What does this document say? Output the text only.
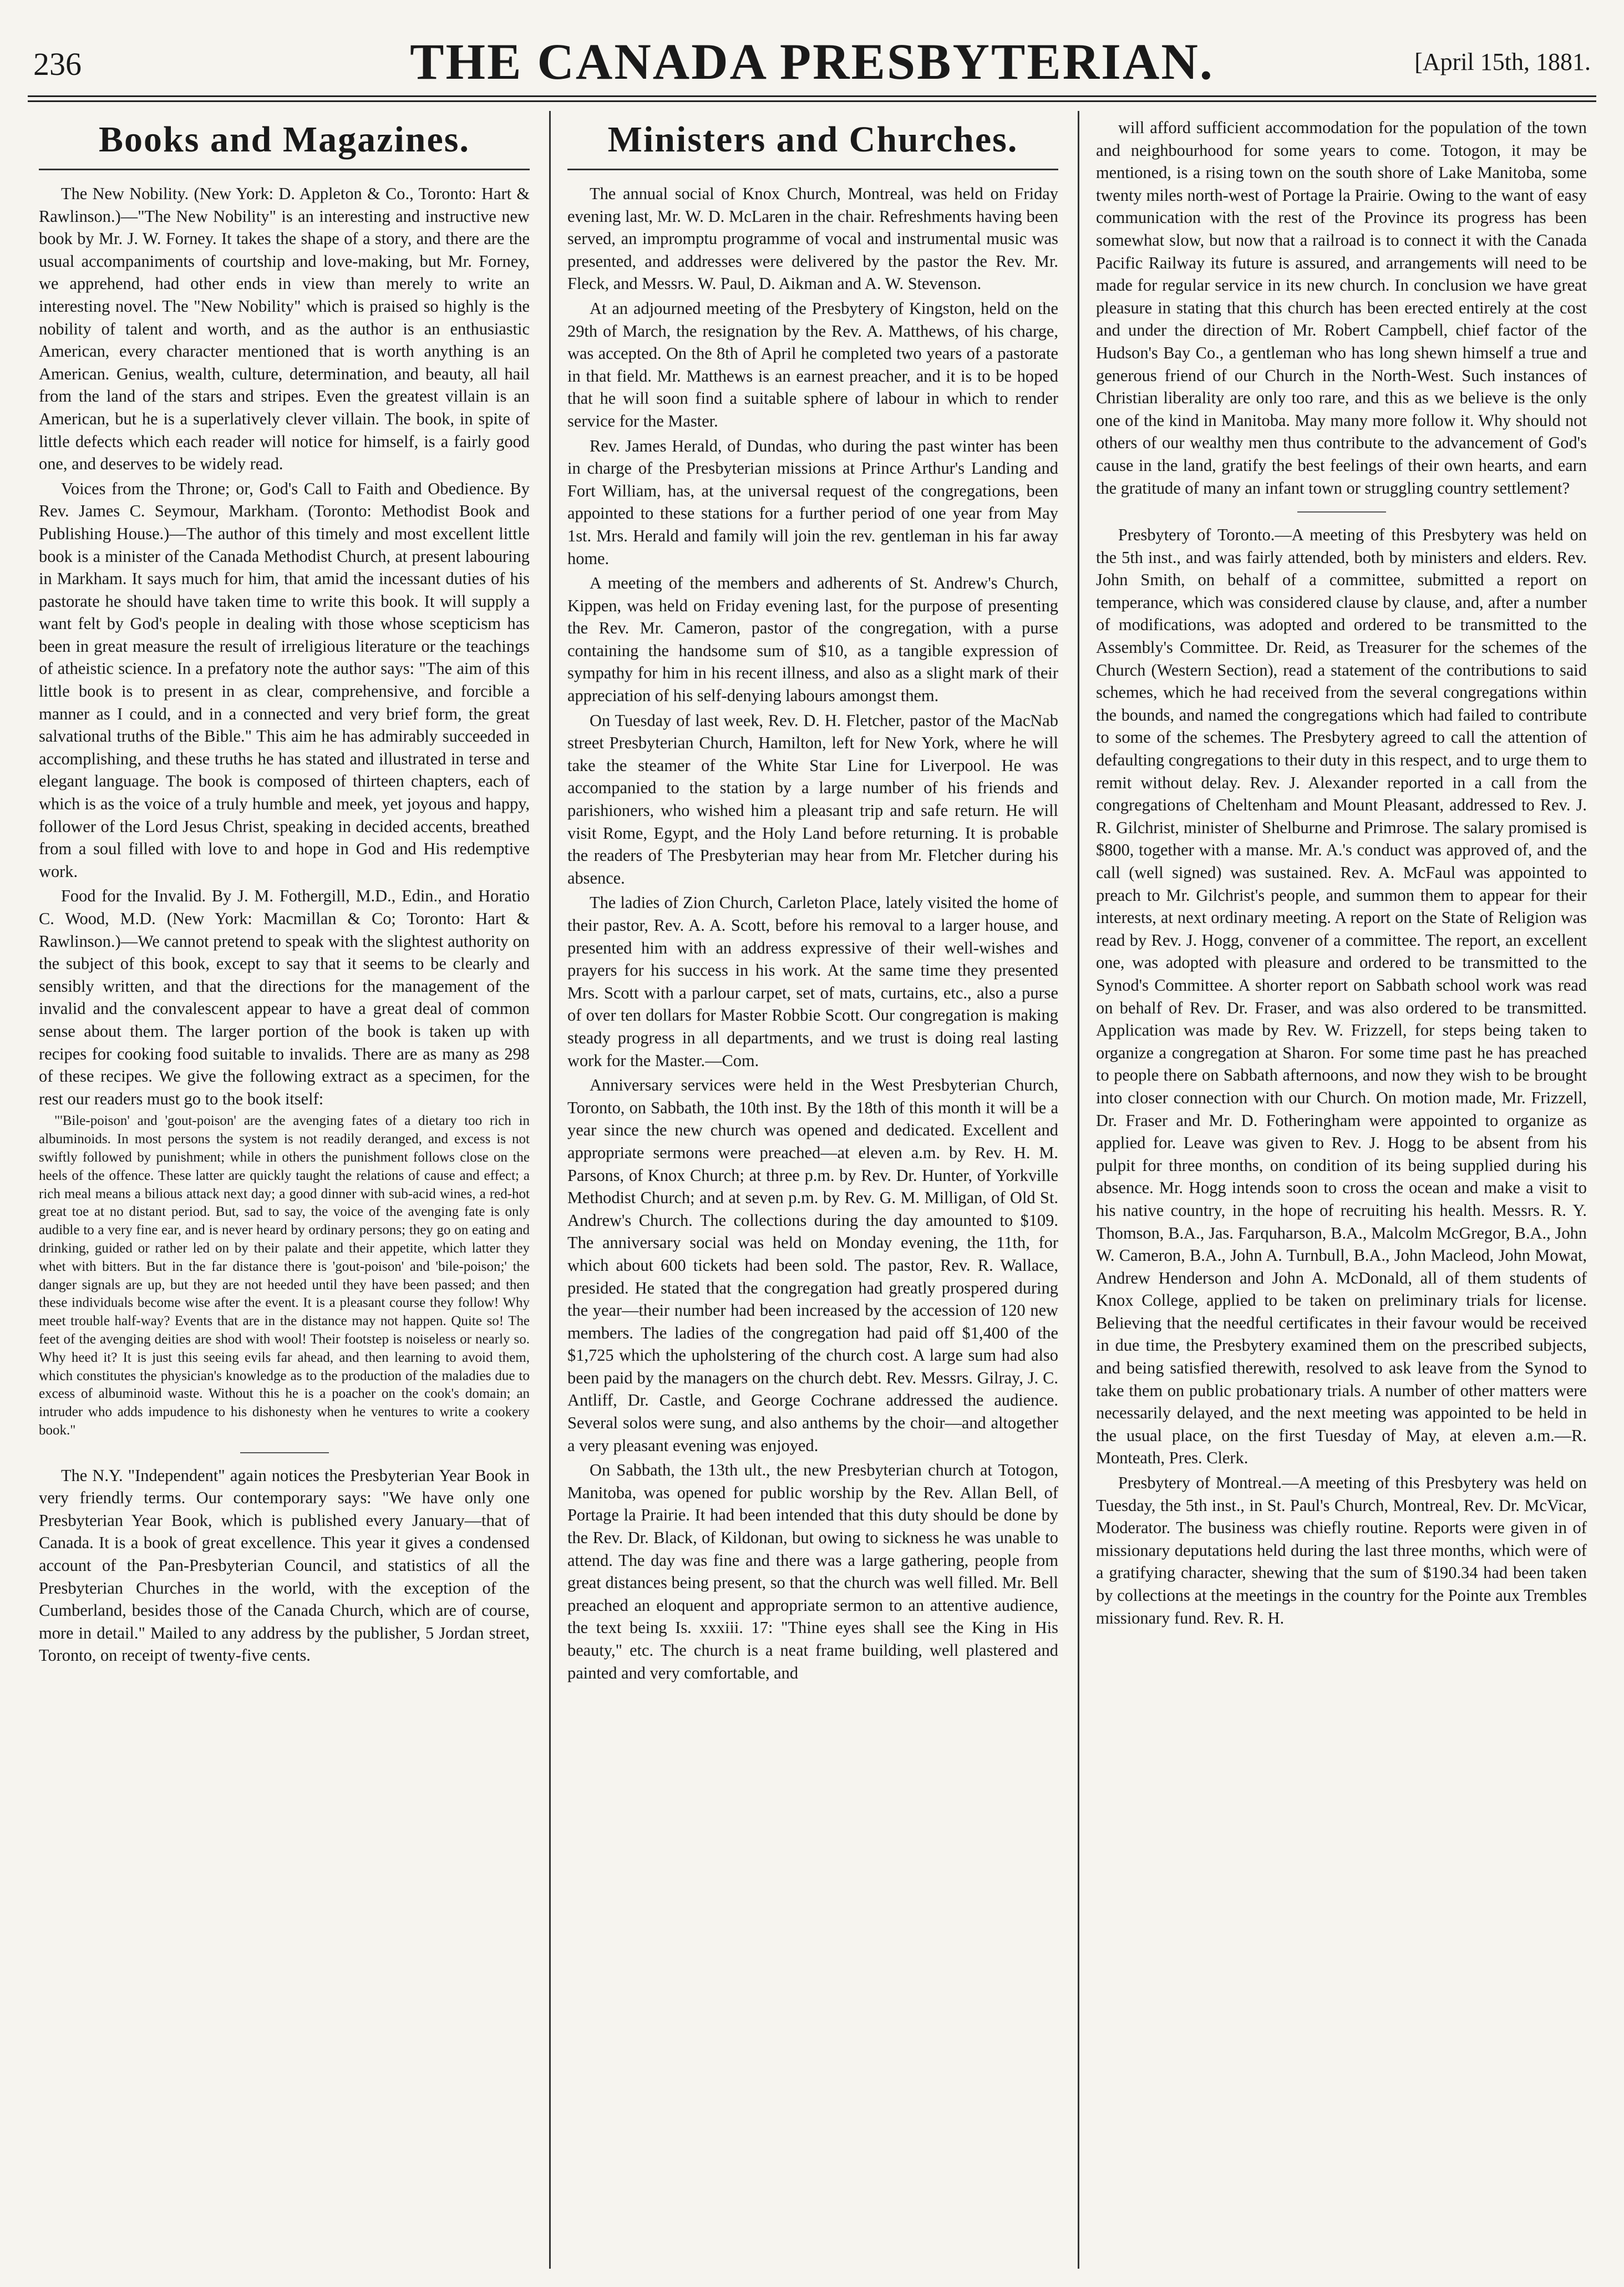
236	THE CANADA PRESBYTERIAN.	[April 15th, 1881.
Books and Magazines.

The New Nobility. (New York: D. Appleton & Co., Toronto: Hart & Rawlinson.)—"The New Nobility" is an interesting and instructive new book by Mr. J. W. Forney. It takes the shape of a story, and there are the usual accompaniments of courtship and love-making, but Mr. Forney, we apprehend, had other ends in view than merely to write an interesting novel. The "New Nobility" which is praised so highly is the nobility of talent and worth, and as the author is an enthusiastic American, every character mentioned that is worth anything is an American. Genius, wealth, culture, determination, and beauty, all hail from the land of the stars and stripes. Even the greatest villain is an American, but he is a superlatively clever villain. The book, in spite of little defects which each reader will notice for himself, is a fairly good one, and deserves to be widely read.

Voices from the Throne; or, God's Call to Faith and Obedience. By Rev. James C. Seymour, Markham. (Toronto: Methodist Book and Publishing House.)—The author of this timely and most excellent little book is a minister of the Canada Methodist Church, at present labouring in Markham. It says much for him, that amid the incessant duties of his pastorate he should have taken time to write this book. It will supply a want felt by God's people in dealing with those whose scepticism has been in great measure the result of irreligious literature or the teachings of atheistic science. In a prefatory note the author says: "The aim of this little book is to present in as clear, comprehensive, and forcible a manner as I could, and in a connected and very brief form, the great salvational truths of the Bible." This aim he has admirably succeeded in accomplishing, and these truths he has stated and illustrated in terse and elegant language. The book is composed of thirteen chapters, each of which is as the voice of a truly humble and meek, yet joyous and happy, follower of the Lord Jesus Christ, speaking in decided accents, breathed from a soul filled with love to and hope in God and His redemptive work.

Food for the Invalid. By J. M. Fothergill, M.D., Edin., and Horatio C. Wood, M.D. (New York: Macmillan & Co; Toronto: Hart & Rawlinson.)—We cannot pretend to speak with the slightest authority on the subject of this book, except to say that it seems to be clearly and sensibly written, and that the directions for the management of the invalid and the convalescent appear to have a great deal of common sense about them. The larger portion of the book is taken up with recipes for cooking food suitable to invalids. There are as many as 298 of these recipes. We give the following extract as a specimen, for the rest our readers must go to the book itself:

"'Bile-poison' and 'gout-poison' are the avenging fates of a dietary too rich in albuminoids. In most persons the system is not readily deranged, and excess is not swiftly followed by punishment; while in others the punishment follows close on the heels of the offence. These latter are quickly taught the relations of cause and effect; a rich meal means a bilious attack next day; a good dinner with sub-acid wines, a red-hot great toe at no distant period. But, sad to say, the voice of the avenging fate is only audible to a very fine ear, and is never heard by ordinary persons; they go on eating and drinking, guided or rather led on by their palate and their appetite, which latter they whet with bitters. But in the far distance there is 'gout-poison' and 'bile-poison;' the danger signals are up, but they are not heeded until they have been passed; and then these individuals become wise after the event. It is a pleasant course they follow! Why meet trouble half-way? Events that are in the distance may not happen. Quite so! The feet of the avenging deities are shod with wool! Their footstep is noiseless or nearly so. Why heed it? It is just this seeing evils far ahead, and then learning to avoid them, which constitutes the physician's knowledge as to the production of the maladies due to excess of albuminoid waste. Without this he is a poacher on the cook's domain; an intruder who adds impudence to his dishonesty when he ventures to write a cookery book."

The N.Y. "Independent" again notices the Presbyterian Year Book in very friendly terms. Our contemporary says: "We have only one Presbyterian Year Book, which is published every January—that of Canada. It is a book of great excellence. This year it gives a condensed account of the Pan-Presbyterian Council, and statistics of all the Presbyterian Churches in the world, with the exception of the Cumberland, besides those of the Canada Church, which are of course, more in detail." Mailed to any address by the publisher, 5 Jordan street, Toronto, on receipt of twenty-five cents.

Ministers and Churches.

The annual social of Knox Church, Montreal, was held on Friday evening last, Mr. W. D. McLaren in the chair. Refreshments having been served, an impromptu programme of vocal and instrumental music was presented, and addresses were delivered by the pastor the Rev. Mr. Fleck, and Messrs. W. Paul, D. Aikman and A. W. Stevenson.

At an adjourned meeting of the Presbytery of Kingston, held on the 29th of March, the resignation by the Rev. A. Matthews, of his charge, was accepted. On the 8th of April he completed two years of a pastorate in that field. Mr. Matthews is an earnest preacher, and it is to be hoped that he will soon find a suitable sphere of labour in which to render service for the Master.

Rev. James Herald, of Dundas, who during the past winter has been in charge of the Presbyterian missions at Prince Arthur's Landing and Fort William, has, at the universal request of the congregations, been appointed to these stations for a further period of one year from May 1st. Mrs. Herald and family will join the rev. gentleman in his far away home.

A meeting of the members and adherents of St. Andrew's Church, Kippen, was held on Friday evening last, for the purpose of presenting the Rev. Mr. Cameron, pastor of the congregation, with a purse containing the handsome sum of $10, as a tangible expression of sympathy for him in his recent illness, and also as a slight mark of their appreciation of his self-denying labours amongst them.

On Tuesday of last week, Rev. D. H. Fletcher, pastor of the MacNab street Presbyterian Church, Hamilton, left for New York, where he will take the steamer of the White Star Line for Liverpool. He was accompanied to the station by a large number of his friends and parishioners, who wished him a pleasant trip and safe return. He will visit Rome, Egypt, and the Holy Land before returning. It is probable the readers of The Presbyterian may hear from Mr. Fletcher during his absence.

The ladies of Zion Church, Carleton Place, lately visited the home of their pastor, Rev. A. A. Scott, before his removal to a larger house, and presented him with an address expressive of their well-wishes and prayers for his success in his work. At the same time they presented Mrs. Scott with a parlour carpet, set of mats, curtains, etc., also a purse of over ten dollars for Master Robbie Scott. Our congregation is making steady progress in all departments, and we trust is doing real lasting work for the Master.—Com.

Anniversary services were held in the West Presbyterian Church, Toronto, on Sabbath, the 10th inst. By the 18th of this month it will be a year since the new church was opened and dedicated. Excellent and appropriate sermons were preached—at eleven a.m. by Rev. H. M. Parsons, of Knox Church; at three p.m. by Rev. Dr. Hunter, of Yorkville Methodist Church; and at seven p.m. by Rev. G. M. Milligan, of Old St. Andrew's Church. The collections during the day amounted to $109. The anniversary social was held on Monday evening, the 11th, for which about 600 tickets had been sold. The pastor, Rev. R. Wallace, presided. He stated that the congregation had greatly prospered during the year—their number had been increased by the accession of 120 new members. The ladies of the congregation had paid off $1,400 of the $1,725 which the upholstering of the church cost. A large sum had also been paid by the managers on the church debt. Rev. Messrs. Gilray, J. C. Antliff, Dr. Castle, and George Cochrane addressed the audience. Several solos were sung, and also anthems by the choir—and altogether a very pleasant evening was enjoyed.

On Sabbath, the 13th ult., the new Presbyterian church at Totogon, Manitoba, was opened for public worship by the Rev. Allan Bell, of Portage la Prairie. It had been intended that this duty should be done by the Rev. Dr. Black, of Kildonan, but owing to sickness he was unable to attend. The day was fine and there was a large gathering, people from great distances being present, so that the church was well filled. Mr. Bell preached an eloquent and appropriate sermon to an attentive audience, the text being Is. xxxiii. 17: "Thine eyes shall see the King in His beauty," etc. The church is a neat frame building, well plastered and painted and very comfortable, and

will afford sufficient accommodation for the population of the town and neighbourhood for some years to come. Totogon, it may be mentioned, is a rising town on the south shore of Lake Manitoba, some twenty miles north-west of Portage la Prairie. Owing to the want of easy communication with the rest of the Province its progress has been somewhat slow, but now that a railroad is to connect it with the Canada Pacific Railway its future is assured, and arrangements will need to be made for regular service in its new church. In conclusion we have great pleasure in stating that this church has been erected entirely at the cost and under the direction of Mr. Robert Campbell, chief factor of the Hudson's Bay Co., a gentleman who has long shewn himself a true and generous friend of our Church in the North-West. Such instances of Christian liberality are only too rare, and this as we believe is the only one of the kind in Manitoba. May many more follow it. Why should not others of our wealthy men thus contribute to the advancement of God's cause in the land, gratify the best feelings of their own hearts, and earn the gratitude of many an infant town or struggling country settlement?

Presbytery of Toronto.—A meeting of this Presbytery was held on the 5th inst., and was fairly attended, both by ministers and elders. Rev. John Smith, on behalf of a committee, submitted a report on temperance, which was considered clause by clause, and, after a number of modifications, was adopted and ordered to be transmitted to the Assembly's Committee. Dr. Reid, as Treasurer for the schemes of the Church (Western Section), read a statement of the contributions to said schemes, which he had received from the several congregations within the bounds, and named the congregations which had failed to contribute to some of the schemes. The Presbytery agreed to call the attention of defaulting congregations to their duty in this respect, and to urge them to remit without delay. Rev. J. Alexander reported in a call from the congregations of Cheltenham and Mount Pleasant, addressed to Rev. J. R. Gilchrist, minister of Shelburne and Primrose. The salary promised is $800, together with a manse. Mr. A.'s conduct was approved of, and the call (well signed) was sustained. Rev. A. McFaul was appointed to preach to Mr. Gilchrist's people, and summon them to appear for their interests, at next ordinary meeting. A report on the State of Religion was read by Rev. J. Hogg, convener of a committee. The report, an excellent one, was adopted with pleasure and ordered to be transmitted to the Synod's Committee. A shorter report on Sabbath school work was read on behalf of Rev. Dr. Fraser, and was also ordered to be transmitted. Application was made by Rev. W. Frizzell, for steps being taken to organize a congregation at Sharon. For some time past he has preached to people there on Sabbath afternoons, and now they wish to be brought into closer connection with our Church. On motion made, Mr. Frizzell, Dr. Fraser and Mr. D. Fotheringham were appointed to organize as applied for. Leave was given to Rev. J. Hogg to be absent from his pulpit for three months, on condition of its being supplied during his absence. Mr. Hogg intends soon to cross the ocean and make a visit to his native country, in the hope of recruiting his health. Messrs. R. Y. Thomson, B.A., Jas. Farquharson, B.A., Malcolm McGregor, B.A., John W. Cameron, B.A., John A. Turnbull, B.A., John Macleod, John Mowat, Andrew Henderson and John A. McDonald, all of them students of Knox College, applied to be taken on preliminary trials for license. Believing that the needful certificates in their favour would be received in due time, the Presbytery examined them on the prescribed subjects, and being satisfied therewith, resolved to ask leave from the Synod to take them on public probationary trials. A number of other matters were necessarily delayed, and the next meeting was appointed to be held in the usual place, on the first Tuesday of May, at eleven a.m.—R. Monteath, Pres. Clerk.

Presbytery of Montreal.—A meeting of this Presbytery was held on Tuesday, the 5th inst., in St. Paul's Church, Montreal, Rev. Dr. McVicar, Moderator. The business was chiefly routine. Reports were given in of missionary deputations held during the last three months, which were of a gratifying character, shewing that the sum of $190.34 had been taken by collections at the meetings in the country for the Pointe aux Trembles missionary fund. Rev. R. H.
